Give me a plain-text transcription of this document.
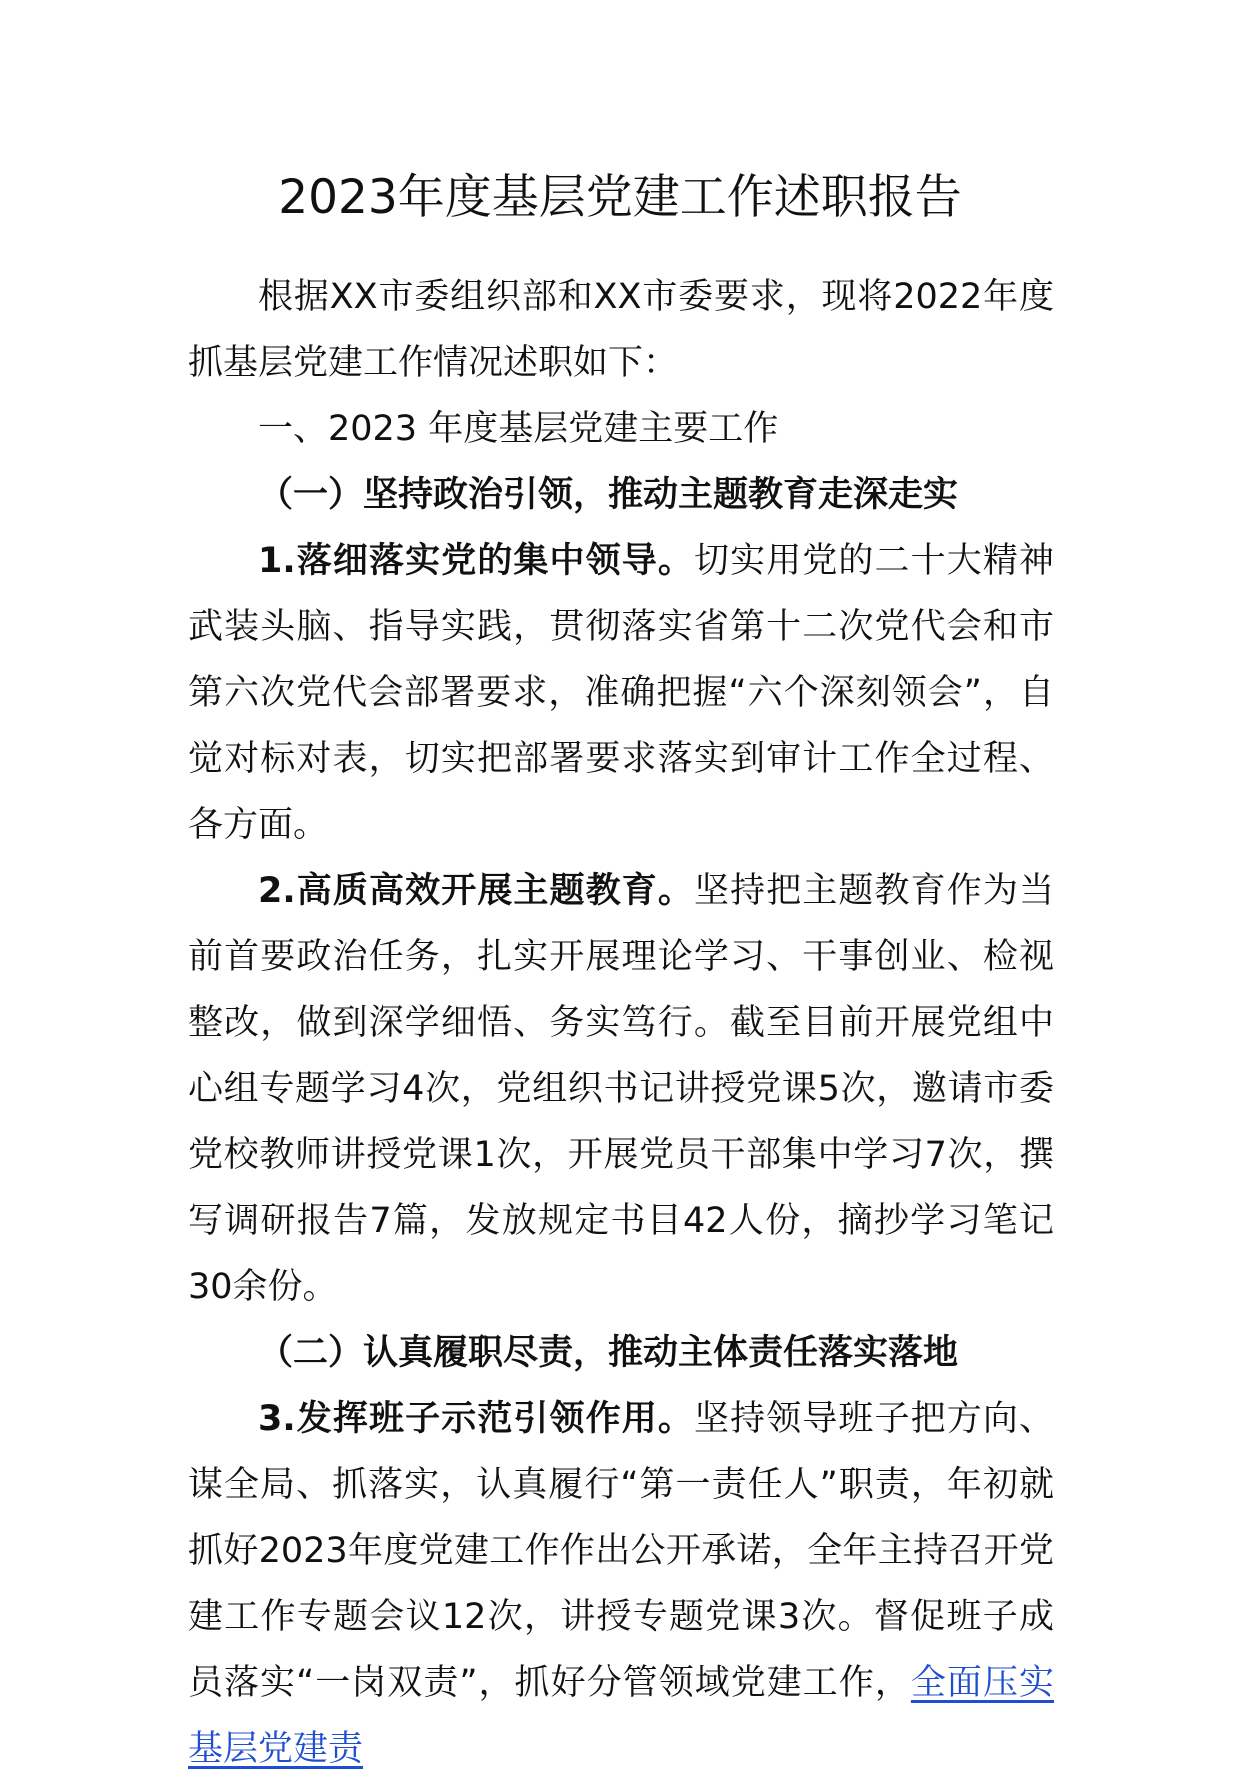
2023年度基层党建工作述职报告

根据XX市委组织部和XX市委要求，现将2022年度抓基层党建工作情况述职如下：

一、2023 年度基层党建主要工作

（一）坚持政治引领，推动主题教育走深走实

1.落细落实党的集中领导。切实用党的二十大精神武装头脑、指导实践，贯彻落实省第十二次党代会和市第六次党代会部署要求，准确把握“六个深刻领会”，自觉对标对表，切实把部署要求落实到审计工作全过程、各方面。

2.高质高效开展主题教育。坚持把主题教育作为当前首要政治任务，扎实开展理论学习、干事创业、检视整改，做到深学细悟、务实笃行。截至目前开展党组中心组专题学习4次，党组织书记讲授党课5次，邀请市委党校教师讲授党课1次，开展党员干部集中学习7次，撰写调研报告7篇，发放规定书目42人份，摘抄学习笔记30余份。

（二）认真履职尽责，推动主体责任落实落地

3.发挥班子示范引领作用。坚持领导班子把方向、谋全局、抓落实，认真履行“第一责任人”职责，年初就抓好2023年度党建工作作出公开承诺，全年主持召开党建工作专题会议12次，讲授专题党课3次。督促班子成员落实“一岗双责”，抓好分管领域党建工作，全面压实基层党建责
